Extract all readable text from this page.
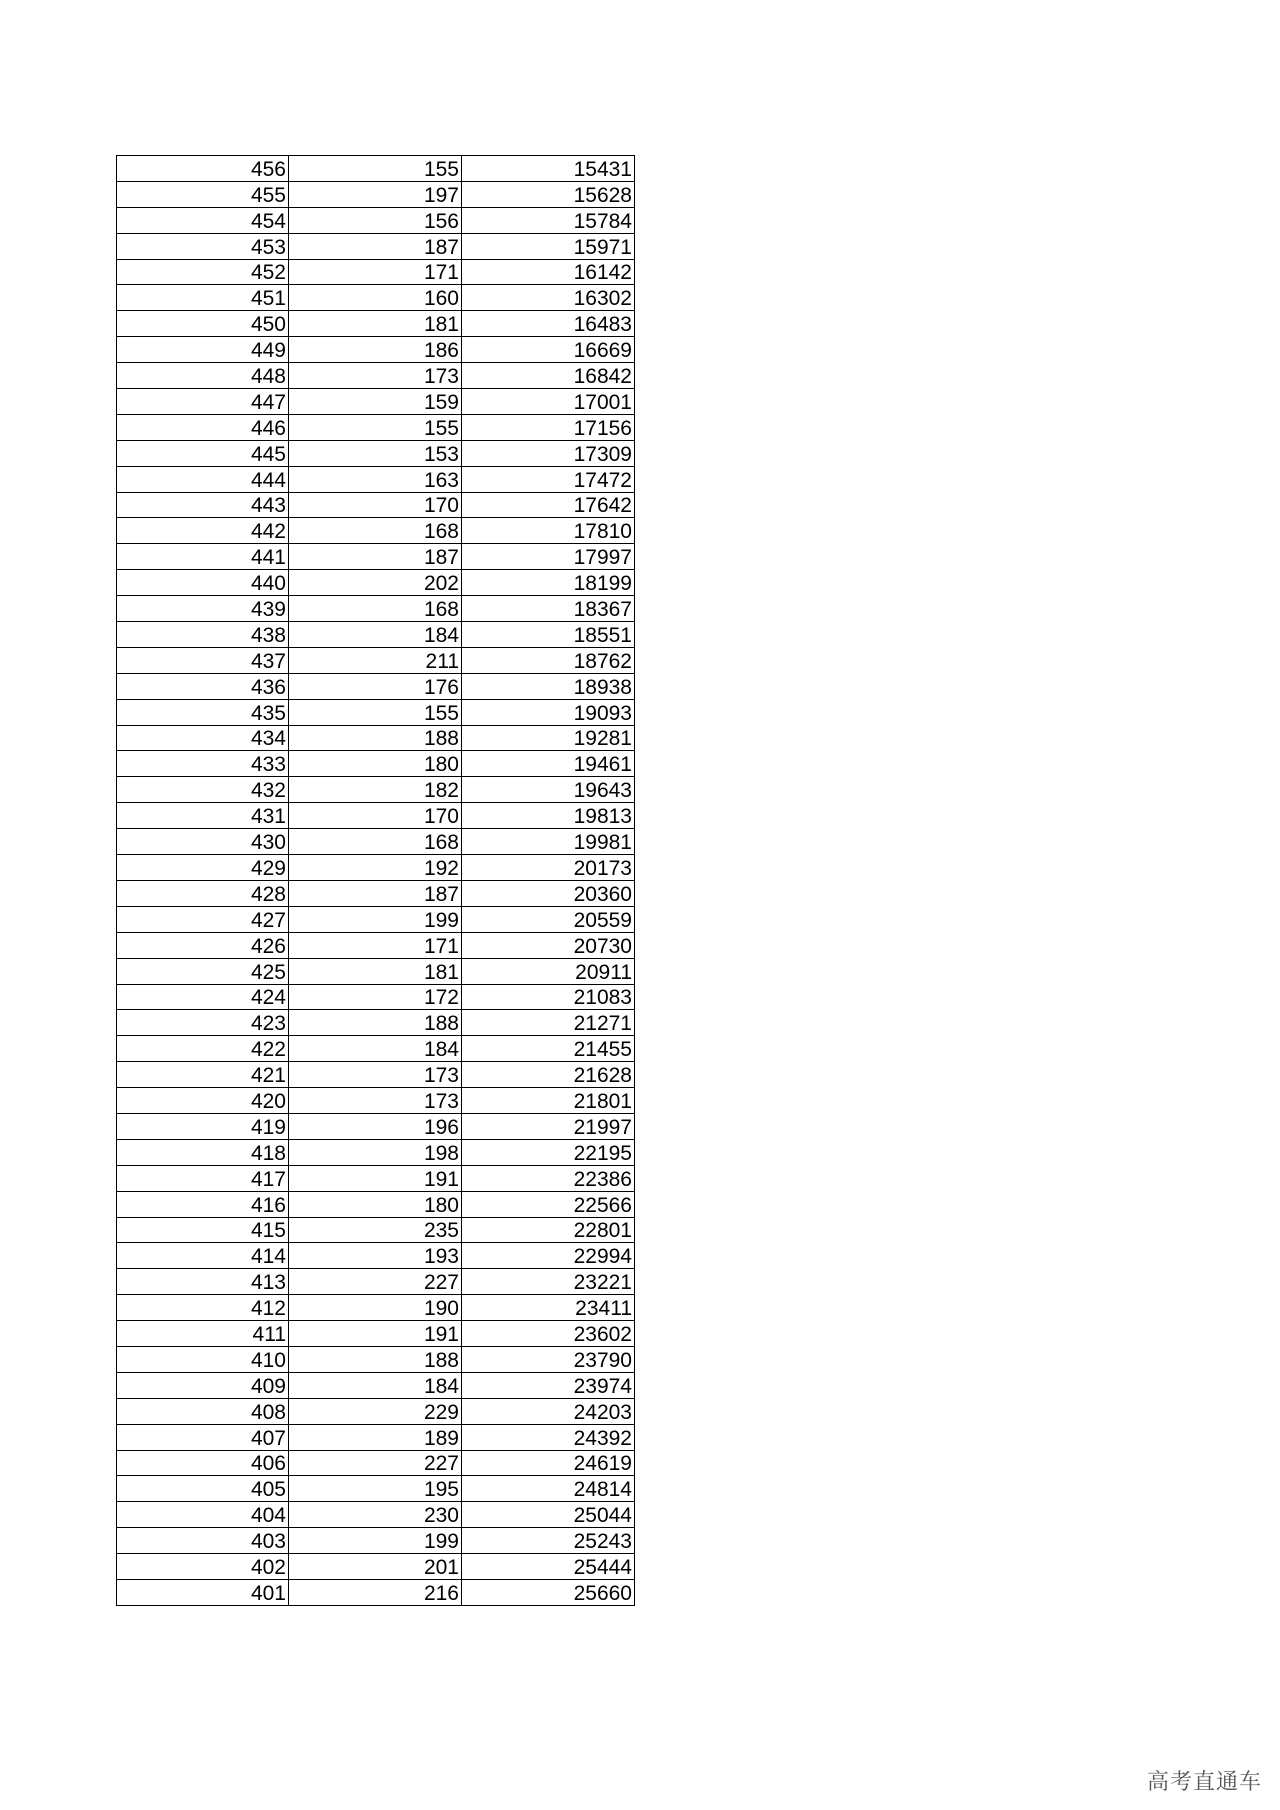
456	155	15431
455	197	15628
454	156	15784
453	187	15971
452	171	16142
451	160	16302
450	181	16483
449	186	16669
448	173	16842
447	159	17001
446	155	17156
445	153	17309
444	163	17472
443	170	17642
442	168	17810
441	187	17997
440	202	18199
439	168	18367
438	184	18551
437	211	18762
436	176	18938
435	155	19093
434	188	19281
433	180	19461
432	182	19643
431	170	19813
430	168	19981
429	192	20173
428	187	20360
427	199	20559
426	171	20730
425	181	20911
424	172	21083
423	188	21271
422	184	21455
421	173	21628
420	173	21801
419	196	21997
418	198	22195
417	191	22386
416	180	22566
415	235	22801
414	193	22994
413	227	23221
412	190	23411
411	191	23602
410	188	23790
409	184	23974
408	229	24203
407	189	24392
406	227	24619
405	195	24814
404	230	25044
403	199	25243
402	201	25444
401	216	25660
高考直通车
